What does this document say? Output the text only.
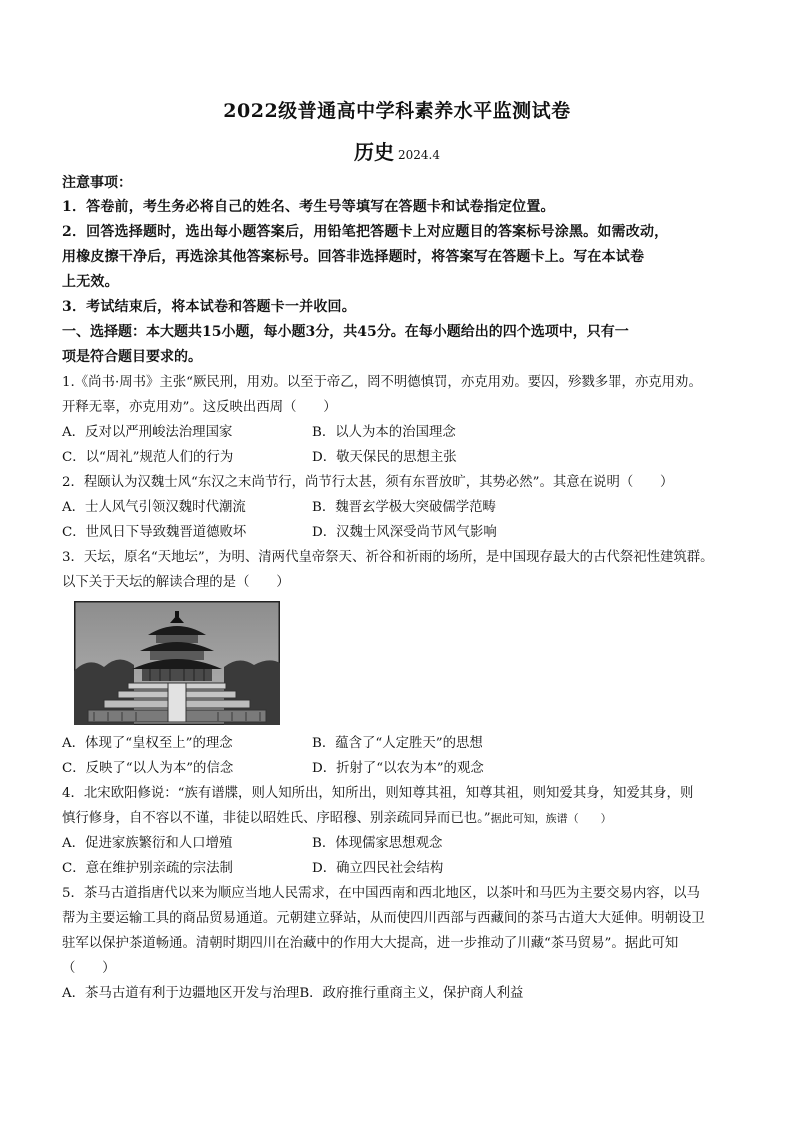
2022级普通高中学科素养水平监测试卷
历史 2024.4
注意事项：
1．答卷前，考生务必将自己的姓名、考生号等填写在答题卡和试卷指定位置。
2．回答选择题时，选出每小题答案后，用铅笔把答题卡上对应题目的答案标号涂黑。如需改动，
用橡皮擦干净后，再选涂其他答案标号。回答非选择题时，将答案写在答题卡上。写在本试卷
上无效。
3．考试结束后，将本试卷和答题卡一并收回。
一、选择题：本大题共15小题，每小题3分，共45分。在每小题给出的四个选项中，只有一
项是符合题目要求的。
1.《尚书·周书》主张“厥民刑，用劝。以至于帝乙，罔不明德慎罚，亦克用劝。要囚，殄戮多罪，亦克用劝。
开释无辜，亦克用劝”。这反映出西周（　　）
A．反对以严刑峻法治理国家	B．以人为本的治国理念
C．以“周礼”规范人们的行为	D．敬天保民的思想主张
2．程颐认为汉魏士风“东汉之末尚节行，尚节行太甚，须有东晋放旷，其势必然”。其意在说明（　　）
A．士人风气引领汉魏时代潮流	B．魏晋玄学极大突破儒学范畴
C．世风日下导致魏晋道德败坏	D．汉魏士风深受尚节风气影响
3．天坛，原名“天地坛”，为明、清两代皇帝祭天、祈谷和祈雨的场所，是中国现存最大的古代祭祀性建筑群。
以下关于天坛的解读合理的是（　　）
A．体现了“皇权至上”的理念	B．蕴含了“人定胜天”的思想
C．反映了“以人为本”的信念	D．折射了“以农为本”的观念
4．北宋欧阳修说：“族有谱牒，则人知所出，知所出，则知尊其祖，知尊其祖，则知爱其身，知爱其身，则
慎行修身，自不容以不谨，非徒以昭姓氏、序昭穆、别亲疏同异而已也。”据此可知，族谱（　　）
A．促进家族繁衍和人口增殖	B．体现儒家思想观念
C．意在维护别亲疏的宗法制	D．确立四民社会结构
5．茶马古道指唐代以来为顺应当地人民需求，在中国西南和西北地区，以茶叶和马匹为主要交易内容，以马
帮为主要运输工具的商品贸易通道。元朝建立驿站，从而使四川西部与西藏间的茶马古道大大延伸。明朝设卫
驻军以保护茶道畅通。清朝时期四川在治藏中的作用大大提高，进一步推动了川藏“茶马贸易”。据此可知
（　　）
A．茶马古道有利于边疆地区开发与治理 B．政府推行重商主义，保护商人利益
